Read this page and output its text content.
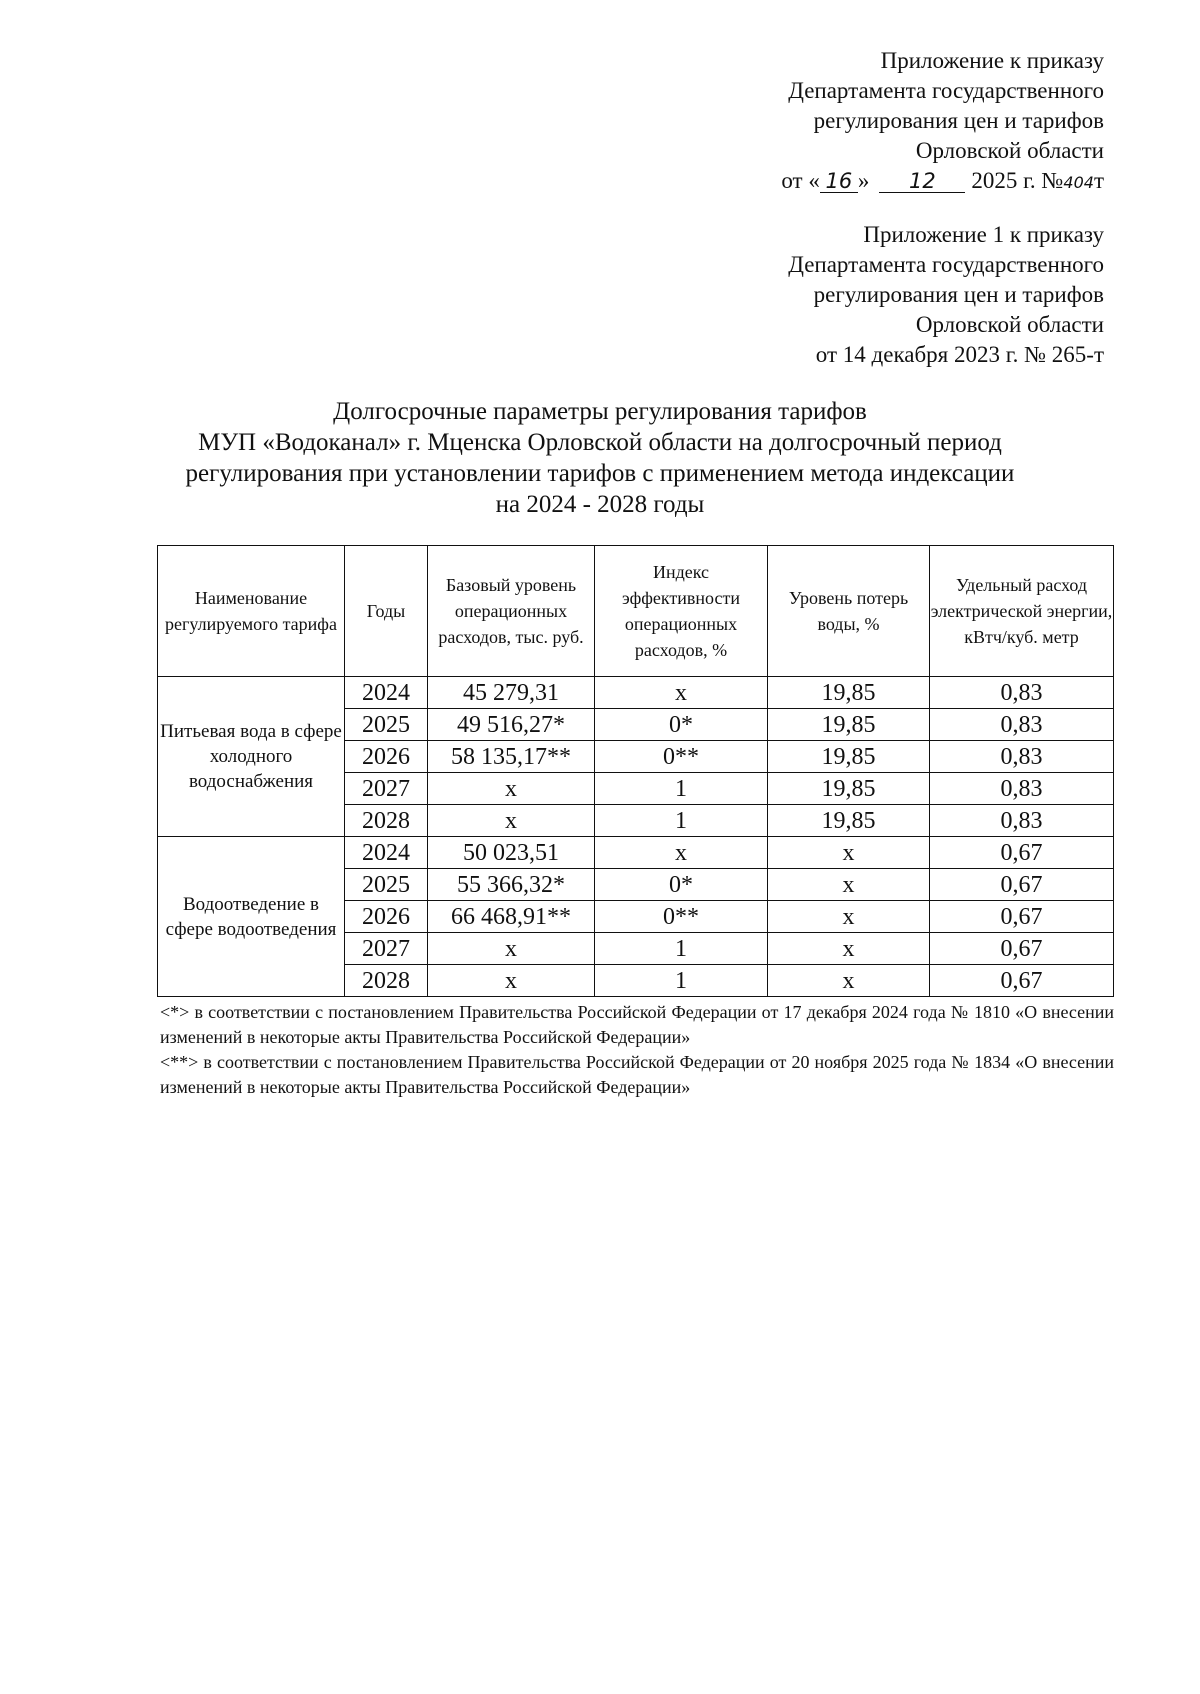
Приложение к приказу
Департамента государственного
регулирования цен и тарифов
Орловской области
от « 16 » 12 2025 г. №404т
Приложение 1 к приказу
Департамента государственного
регулирования цен и тарифов
Орловской области
от 14 декабря 2023 г. № 265-т
Долгосрочные параметры регулирования тарифов
МУП «Водоканал» г. Мценска Орловской области на долгосрочный период
регулирования при установлении тарифов с применением метода индексации
на 2024 - 2028 годы
Наименование регулируемого тарифа	Годы	Базовый уровень операционных расходов, тыс. руб.	Индекс эффективности операционных расходов, %	Уровень потерь воды, %	Удельный расход электрической энергии, кВтч/куб. метр
Питьевая вода в сфере холодного водоснабжения	2024	45 279,31	х	19,85	0,83
	2025	49 516,27*	0*	19,85	0,83
	2026	58 135,17**	0**	19,85	0,83
	2027	х	1	19,85	0,83
	2028	х	1	19,85	0,83
Водоотведение в сфере водоотведения	2024	50 023,51	х	х	0,67
	2025	55 366,32*	0*	х	0,67
	2026	66 468,91**	0**	х	0,67
	2027	х	1	х	0,67
	2028	х	1	х	0,67

<*> в соответствии с постановлением Правительства Российской Федерации от 17 декабря 2024 года № 1810 «О внесении изменений в некоторые акты Правительства Российской Федерации»

<**> в соответствии с постановлением Правительства Российской Федерации от 20 ноября 2025 года № 1834 «О внесении изменений в некоторые акты Правительства Российской Федерации»
